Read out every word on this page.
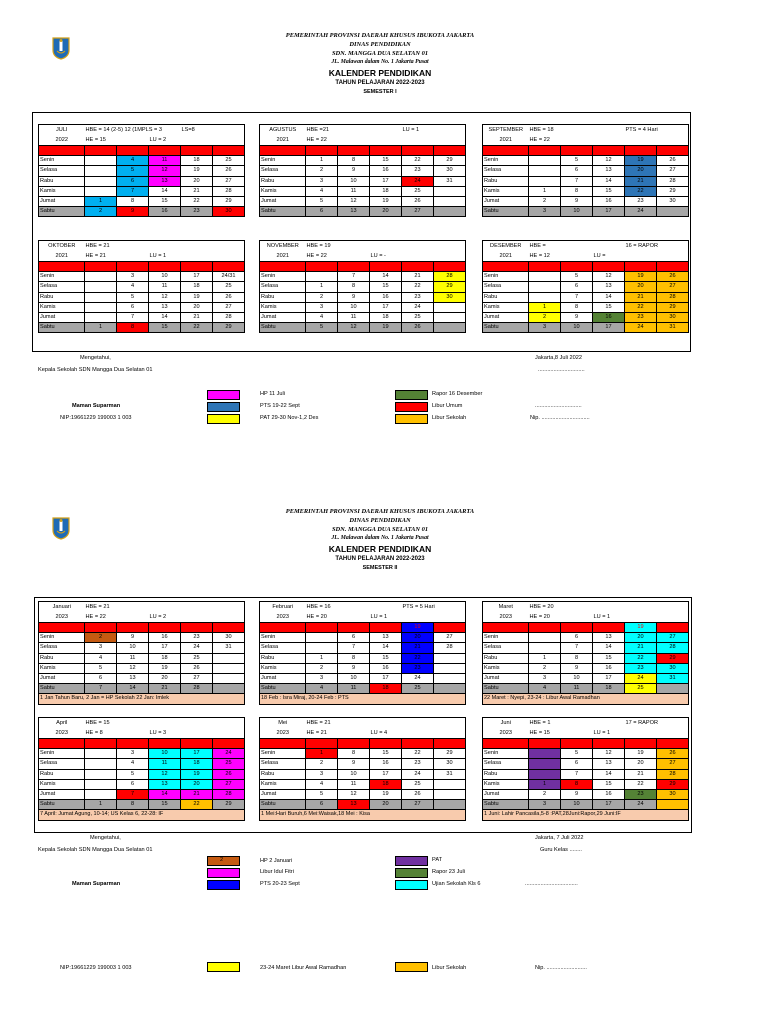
PEMERINTAH PROVINSI DAERAH KHUSUS IBUKOTA JAKARTA
DINAS PENDIDIKAN
SDN. MANGGA DUA SELATAN 01
JL. Malawan dalam No. 1 Jakarta Pusat
KALENDER PENDIDIKAN
TAHUN PELAJARAN 2022-2023
SEMESTER I
JULI	HBE = 14 (2-5) 12 (1MPLS = 3			LS=8	
2022	HE = 15		LU = 2		
Minggu		3	10	17	24/31
Senin		4	11	18	25
Selasa		5	12	19	26
Rabu		6	13	20	27
Kamis		7	14	21	28
Jumat	1	8	15	22	29
Sabtu	2	9	16	23	30
AGUSTUS	HBE =21			LU = 1	
2021	HE = 22				
Minggu		7	14	21	28
Senin	1	8	15	22	29
Selasa	2	9	16	23	30
Rabu	3	10	17	24	31
Kamis	4	11	18	25	
Jumat	5	12	19	26	
Sabtu	6	13	20	27	
SEPTEMBER	HBE = 18			PTS = 4 Hari	
2021	HE = 22				
Minggu		4	11	18	25
Senin		5	12	19	26
Selasa		6	13	20	27
Rabu		7	14	21	28
Kamis	1	8	15	22	29
Jumat	2	9	16	23	30
Sabtu	3	10	17	24	
OKTOBER	HBE = 21				
2021	HE = 21		LU = 1		
Minggu		2	9	16	23/30
Senin		3	10	17	24/31
Selasa		4	11	18	25
Rabu		5	12	19	26
Kamis		6	13	20	27
Jumat		7	14	21	28
Sabtu	1	8	15	22	29
NOVEMBER	HBE = 19				
2021	HE = 22		LU = -		
Minggu		6	13	20	27
Senin		7	14	21	28
Selasa	1	8	15	22	29
Rabu	2	9	16	23	30
Kamis	3	10	17	24	
Jumat	4	11	18	25	
Sabtu	5	12	19	26	
DESEMBER	HBE =			16 = RAPOR	
2021	HE = 12		LU =		
Minggu		4	11	18	25
Senin		5	12	19	26
Selasa		6	13	20	27
Rabu		7	14	21	28
Kamis	1	8	15	22	29
Jumat	2	9	16	23	30
Sabtu	3	10	17	24	31
Mengetahui,
Kepala Sekolah SDN Mangga Dua Selatan 01
Maman Suparman
NIP:19661229 199003 1 003
Jakarta,8 Juli 2022
..............................
..............................
Nip. ...............................
HP 11 Juli
PTS 19-22 Sept
PAT 29-30 Nov-1,2 Des
Rapor 16 Desember
Libur Umum
Libur Sekolah
PEMERINTAH PROVINSI DAERAH KHUSUS IBUKOTA JAKARTA
DINAS PENDIDIKAN
SDN. MANGGA DUA SELATAN 01
JL. Malawan dalam No. 1 Jakarta Pusat
KALENDER PENDIDIKAN
TAHUN PELAJARAN 2022-2023
SEMESTER II
Januari	HBE = 21				
2023	HE = 22		LU = 2		
Minggu	1	8	15	22	29
Senin	2	9	16	23	30
Selasa	3	10	17	24	31
Rabu	4	11	18	25	
Kamis	5	12	19	26	
Jumat	6	13	20	27	
Sabtu	7	14	21	28	
1 Jan Tahun Baru, 2 Jan = HP Sekolah 22 Jan: Imlek					
Februari	HBE = 16			PTS = 5 Hari	
2023	HE = 20		LU = 1		
Minggu		5	12	19	26
Senin		6	13	20	27
Selasa		7	14	21	28
Rabu	1	8	15	22	
Kamis	2	9	16	23	
Jumat	3	10	17	24	
Sabtu	4	11	18	25	
18 Feb : Isra Miraj, 20-24 Feb : PTS					
Maret	HBE = 20				
2023	HE = 20		LU = 1		
Minggu		5	12	19	26
Senin		6	13	20	27
Selasa		7	14	21	28
Rabu	1	8	15	22	29
Kamis	2	9	16	23	30
Jumat	3	10	17	24	31
Sabtu	4	11	18	25	
22 Maret : Nyepi, 23-24 : Libur Awal Ramadhan					
April	HBE = 15				
2023	HE = 8		LU = 3		
Minggu		2	9	16	23/30
Senin		3	10	17	24
Selasa		4	11	18	25
Rabu		5	12	19	26
Kamis		6	13	20	27
Jumat		7	14	21	28
Sabtu	1	8	15	22	29
7 April: Jumat Agung, 10-14; US Kelas 6, 22-28: IF					
Mei	HBE = 21				
2023	HE = 21		LU = 4		
Minggu		30	7	14	21
Senin	1	8	15	22	29
Selasa	2	9	16	23	30
Rabu	3	10	17	24	31
Kamis	4	11	18	25	
Jumat	5	12	19	26	
Sabtu	6	13	20	27	
1 Mei:Hari Buruh,6 Mei:Waisak,18 Mei : Kisa					
Juni	HBE = 1			17 = RAPOR	
2023	HE = 15		LU = 1		
Minggu		4	11	18	25
Senin		5	12	19	26
Selasa		6	13	20	27
Rabu		7	14	21	28
Kamis	1	8	15	22	29
Jumat	2	9	16	23	30
Sabtu	3	10	17	24	
1 Juni: Lahir Pancasila,5-8 :PAT,28Juni:Rapor,29 Juni:IF					
Mengetahui,
Kepala Sekolah SDN Mangga Dua Selatan 01
Maman Suparman
NIP:19661229 199003 1 003
Jakarta, 7 Juli 2022
Guru Kelas ........
..................................
Nip. ..........................
2	HP 2 Januari
Libur Idul Fitri
PTS 20-23 Sept
PAT
Rapor 23 Juli
Ujian Sekolah Kls 6
23-24 Maret Libur Awal Ramadhan	Libur Sekolah
